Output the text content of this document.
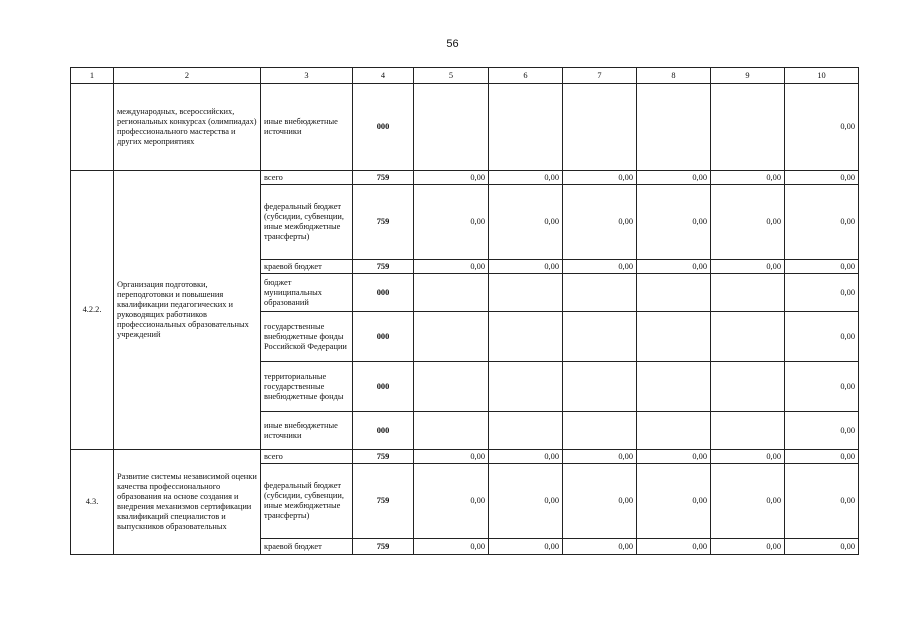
56
1	2	3	4	5	6	7	8	9	10
	международных, всероссийских, региональных конкурсах (олимпиадах) профессионального мастерства и других мероприятиях	иные внебюджетные источники	000						0,00
4.2.2.	Организация подготовки, переподготовки и повышения квалификации педагогических и руководящих работников профессиональных образовательных учреждений	всего	759	0,00	0,00	0,00	0,00	0,00	0,00
		федеральный бюджет (субсидии, субвенции, иные межбюджетные трансферты)	759	0,00	0,00	0,00	0,00	0,00	0,00
		краевой бюджет	759	0,00	0,00	0,00	0,00	0,00	0,00
		бюджет муниципальных образований	000						0,00
		государственные внебюджетные фонды Российской Федерации	000						0,00
		территориальные государственные внебюджетные фонды	000						0,00
		иные внебюджетные источники	000						0,00
4.3.	Развитие системы независимой оценки качества профессионального образования на основе создания и внедрения механизмов сертификации квалификаций специалистов и выпускников образовательных	всего	759	0,00	0,00	0,00	0,00	0,00	0,00
		федеральный бюджет (субсидии, субвенции, иные межбюджетные трансферты)	759	0,00	0,00	0,00	0,00	0,00	0,00
		краевой бюджет	759	0,00	0,00	0,00	0,00	0,00	0,00
